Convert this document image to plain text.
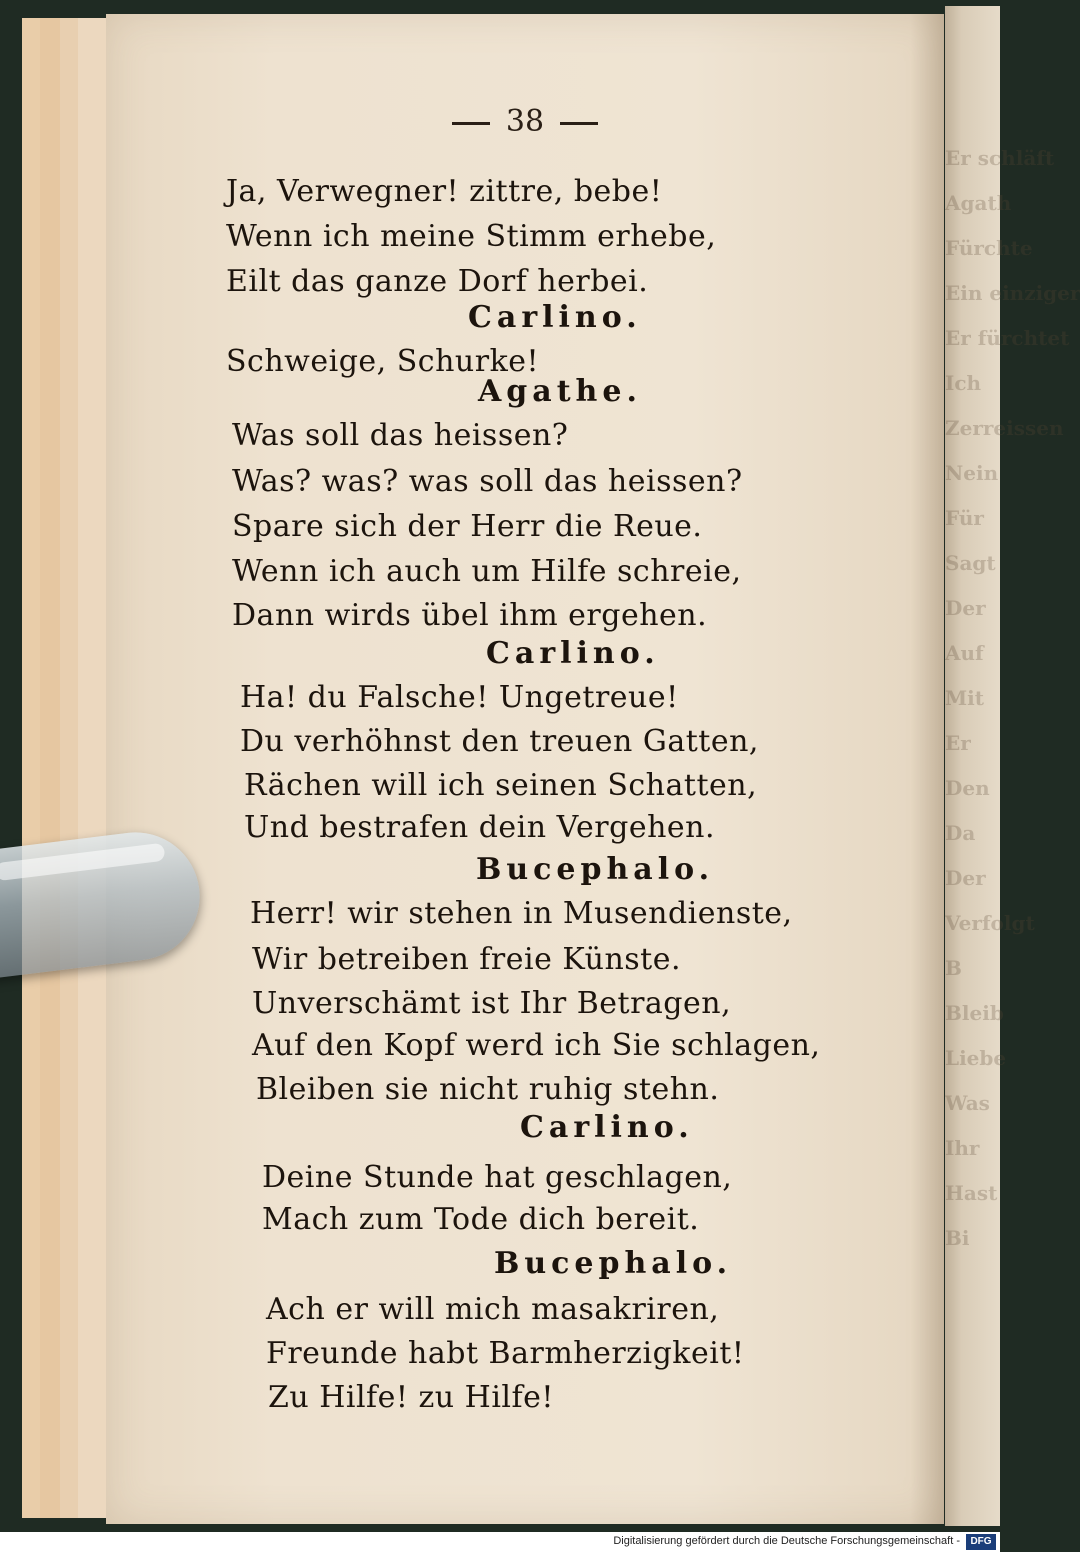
Er schläft
Agath
Fürchte
Ein einziger
Er fürchtet
Ich
Zerreissen
Nein
Für
Sagt
Der
Auf
Mit
Er
Den
Da
Der
Verfolgt
B
Bleib
Liebe
Was
Ihr
Hast
Bi
38
Ja, Verwegner! zittre, bebe!
Wenn ich meine Stimm erhebe,
Eilt das ganze Dorf herbei.
Carlino.
Schweige, Schurke!
Agathe.
Was soll das heissen?
Was? was? was soll das heissen?
Spare sich der Herr die Reue.
Wenn ich auch um Hilfe schreie,
Dann wirds übel ihm ergehen.
Carlino.
Ha! du Falsche! Ungetreue!
Du verhöhnst den treuen Gatten,
Rächen will ich seinen Schatten,
Und bestrafen dein Vergehen.
Bucephalo.
Herr! wir stehen in Musendienste,
Wir betreiben freie Künste.
Unverschämt ist Ihr Betragen,
Auf den Kopf werd ich Sie schlagen,
Bleiben sie nicht ruhig stehn.
Carlino.
Deine Stunde hat geschlagen,
Mach zum Tode dich bereit.
Bucephalo.
Ach er will mich masakriren,
Freunde habt Barmherzigkeit!
Zu Hilfe! zu Hilfe!
Digitalisierung gefördert durch die Deutsche Forschungsgemeinschaft -	DFG
